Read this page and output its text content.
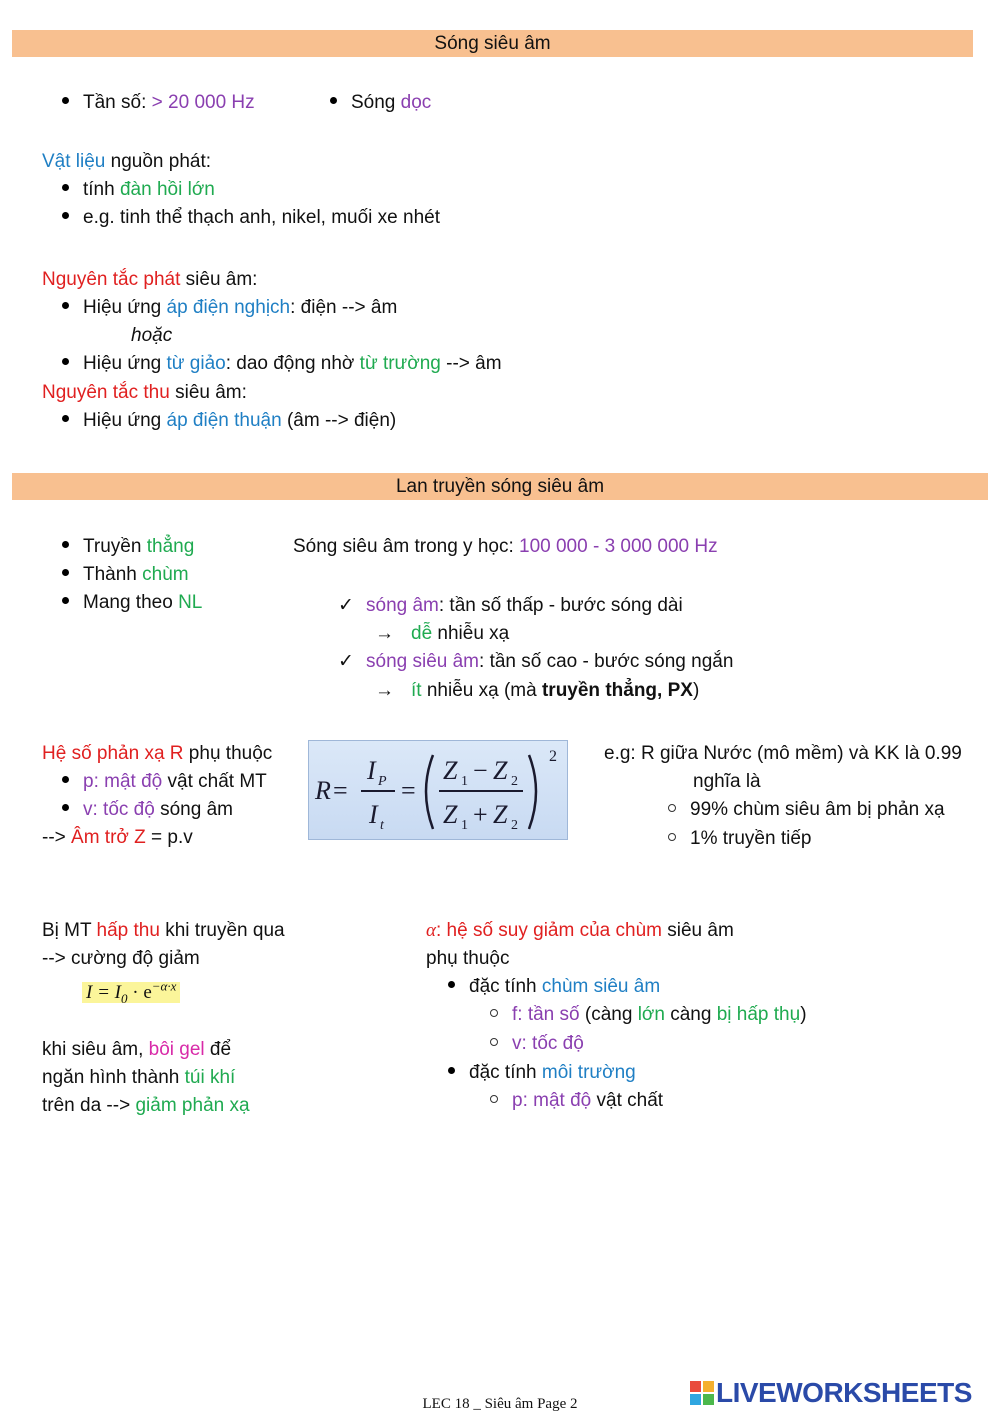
Sóng siêu âm
Tần số: > 20 000 Hz	Sóng dọc
Vật liệu nguồn phát:
tính đàn hồi lớn
e.g. tinh thể thạch anh, nikel, muối xe nhét
Nguyên tắc phát siêu âm:
Hiệu ứng áp điện nghịch: điện --> âm
hoặc
Hiệu ứng từ giảo: dao động nhờ từ trường --> âm
Nguyên tắc thu siêu âm:
Hiệu ứng áp điện thuận (âm --> điện)
Lan truyền sóng siêu âm
Truyền thẳng
Thành chùm
Mang theo NL
Sóng siêu âm trong y học: 100 000 - 3 000 000 Hz
✓ sóng âm: tần số thấp - bước sóng dài
→ dễ nhiễu xạ
✓ sóng siêu âm: tần số cao - bước sóng ngắn
→ ít nhiễu xạ (mà truyền thẳng, PX)
Hệ số phản xạ R phụ thuộc
p: mật độ vật chất MT
v: tốc độ sóng âm
--> Âm trở Z = p.v
R =
I P
I t
=
Z 1 − Z 2
Z 1 + Z 2
2 e.g: R giữa Nước (mô mềm) và KK là 0.99
nghĩa là
99% chùm siêu âm bị phản xạ
1% truyền tiếp
Bị MT hấp thu khi truyền qua
--> cường độ giảm
$I = I_0 \cdot e^{-\alpha\cdot x}$
khi siêu âm, bôi gel để
ngăn hình thành túi khí
trên da --> giảm phản xạ
α: hệ số suy giảm của chùm siêu âm
phụ thuộc
đặc tính chùm siêu âm
f: tần số (càng lớn càng bị hấp thụ)
v: tốc độ
đặc tính môi trường
p: mật độ vật chất
LEC 18 _ Siêu âm Page 2	LIVEWORKSHEETS
